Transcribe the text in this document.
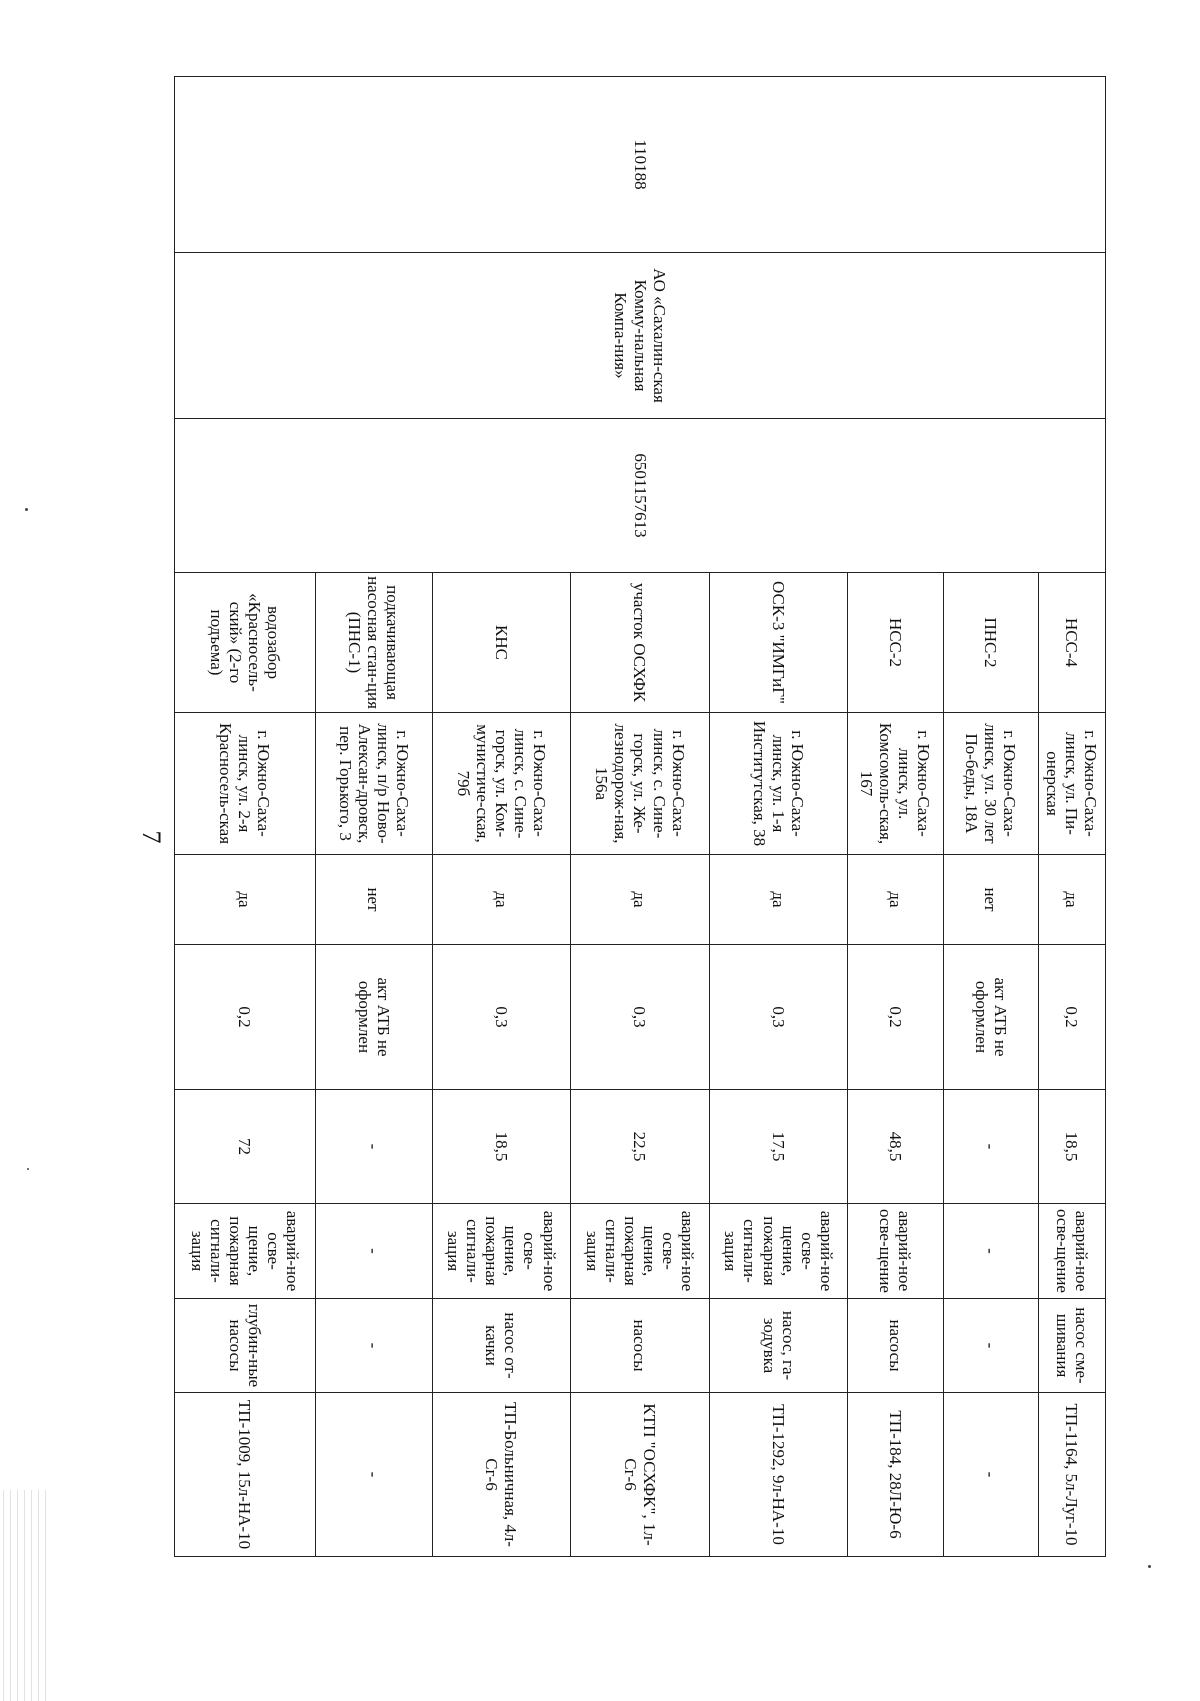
7
110188	АО «Сахалин-ская Комму-нальная Компа-ния»	6501157613	НСС-4	г. Южно-Саха-линск, ул. Пи-онерская	да	0,2	18,5	аварий-ное осве-щение	насос сме-шивания	ТП-1164, 5л-Луг-10
			ПНС-2	г. Южно-Саха-линск, ул. 30 лет По-беды, 18А	нет	акт АТБ не оформлен	-	-	-	-
			НСС-2	г. Южно-Саха-линск, ул. Комсомоль-ская, 167	да	0,2	48,5	аварий-ное осве-щение	насосы	ТП-184, 28Л-Ю-6
			ОСК-3 "ИМГиГ"	г. Южно-Саха-линск, ул. 1-я Институтская, 38	да	0,3	17,5	аварий-ное осве-щение, пожарная сигнали-зация	насос, га-зодувка	ТП-1292, 9л-НА-10
			участок ОСХФК	г. Южно-Саха-линск, с. Сине-горск, ул. Же-лезнодорож-ная, 156а	да	0,3	22,5	аварий-ное осве-щение, пожарная сигнали-зация	насосы	КТП "ОСХФК", 1л-Сг-6
			КНС	г. Южно-Саха-линск, с. Сине-горск, ул. Ком-мунистиче-ская, 79б	да	0,3	18,5	аварий-ное осве-щение, пожарная сигнали-зация	насос от-качки	ТП-Больничная, 4л-Сг-6
			подкачивающая насосная стан-ция (ПНС-1)	г. Южно-Саха-линск, п/р Ново-Алексан-дровск, пер. Горького, 3	нет	акт АТБ не оформлен	-	-	-	-
			водозабор «Красносель-ский» (2-го подъема)	г. Южно-Саха-линск, ул. 2-я Красносель-ская	да	0,2	72	аварий-ное осве-щение, пожарная сигнали-зация	глубин-ные насосы	ТП-1009, 15л-НА-10
